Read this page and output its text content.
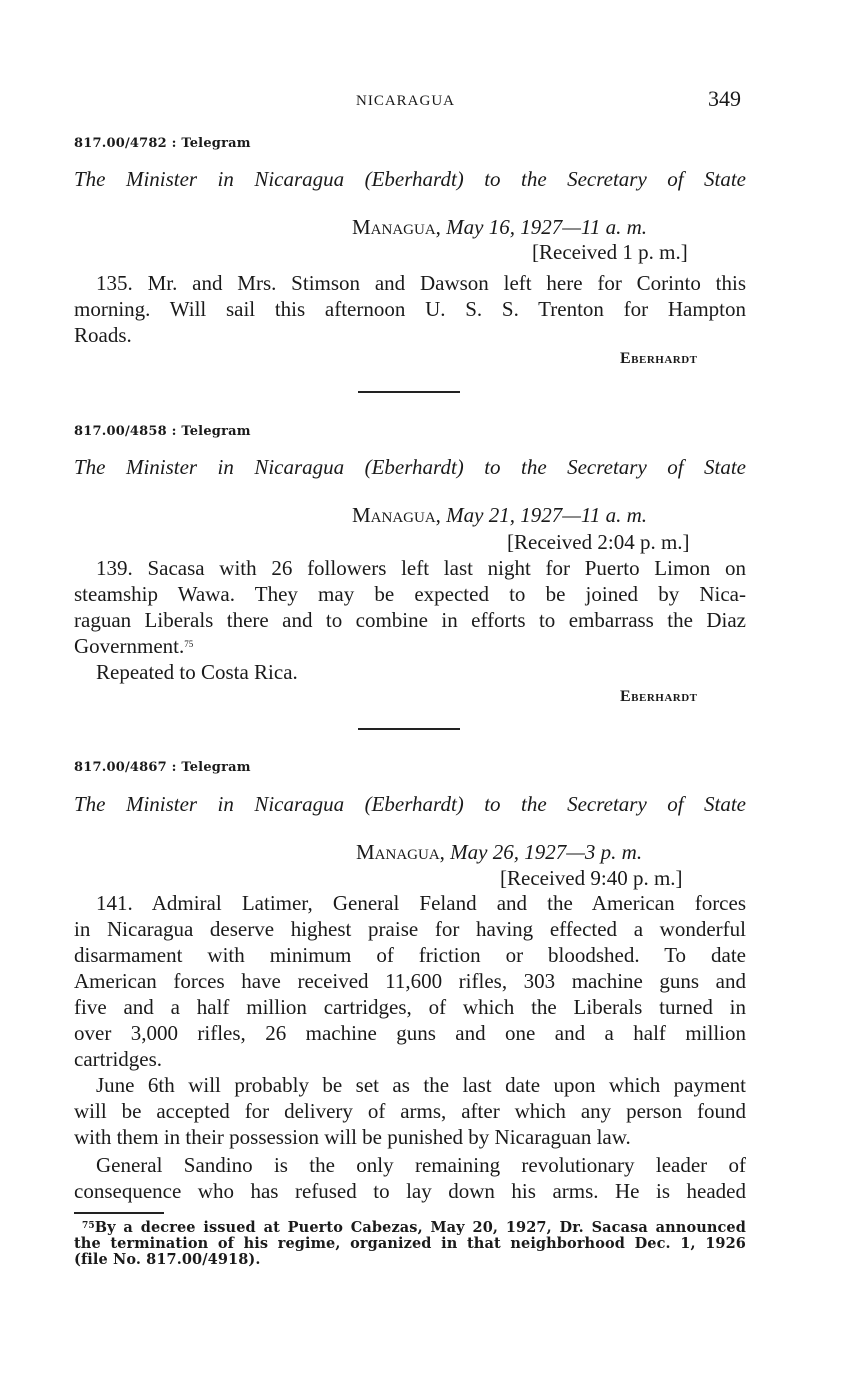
NICARAGUA	349
817.00/4782 : Telegram
The Minister in Nicaragua (Eberhardt) to the Secretary of State
Managua, May 16, 1927—11 a. m.
[Received 1 p. m.]
135. Mr. and Mrs. Stimson and Dawson left here for Corinto this
morning. Will sail this afternoon U. S. S. Trenton for Hampton
Roads.
Eberhardt
817.00/4858 : Telegram
The Minister in Nicaragua (Eberhardt) to the Secretary of State
Managua, May 21, 1927—11 a. m.
[Received 2:04 p. m.]
139. Sacasa with 26 followers left last night for Puerto Limon on
steamship Wawa. They may be expected to be joined by Nica-
raguan Liberals there and to combine in efforts to embarrass the Diaz
Government.$^{75}$
Repeated to Costa Rica.
Eberhardt
817.00/4867 : Telegram
The Minister in Nicaragua (Eberhardt) to the Secretary of State
Managua, May 26, 1927—3 p. m.
[Received 9:40 p. m.]
141. Admiral Latimer, General Feland and the American forces
in Nicaragua deserve highest praise for having effected a wonderful
disarmament with minimum of friction or bloodshed. To date
American forces have received 11,600 rifles, 303 machine guns and
five and a half million cartridges, of which the Liberals turned in
over 3,000 rifles, 26 machine guns and one and a half million
cartridges.
June 6th will probably be set as the last date upon which payment
will be accepted for delivery of arms, after which any person found
with them in their possession will be punished by Nicaraguan law.
General Sandino is the only remaining revolutionary leader of
consequence who has refused to lay down his arms. He is headed
$^{75}$By a decree issued at Puerto Cabezas, May 20, 1927, Dr. Sacasa announced
the termination of his regime, organized in that neighborhood Dec. 1, 1926
(file No. 817.00/4918).
